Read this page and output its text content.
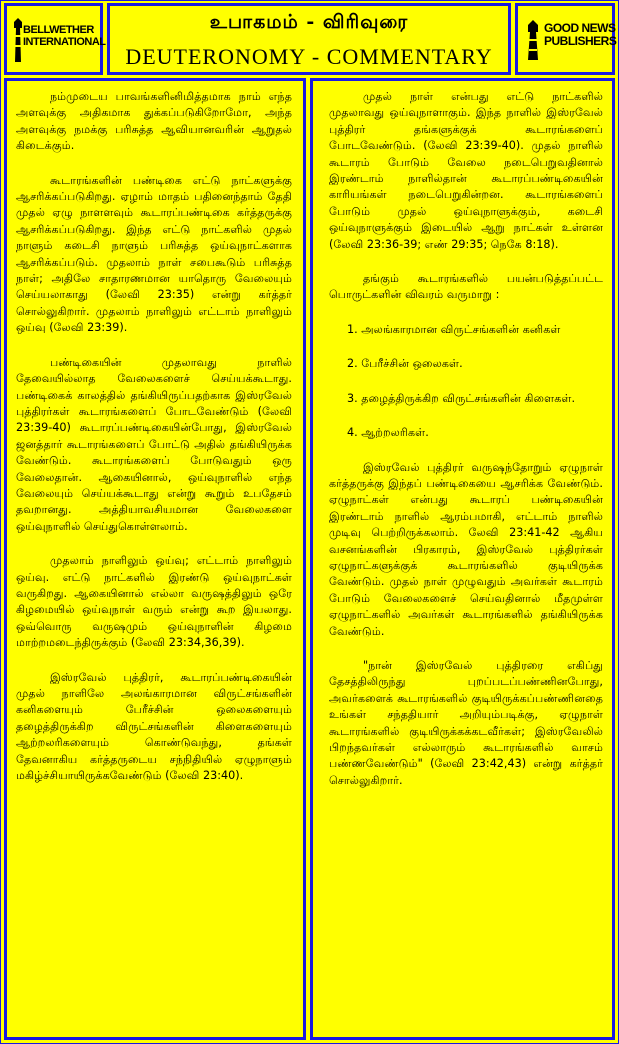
BELLWETHER
INTERNATIONAL
உபாகமம் - விரிவுரை
DEUTERONOMY - COMMENTARY
GOOD NEWS
PUBLISHERS

நம்முடைய பாவங்களினிமித்தமாக நாம் எந்த அளவுக்கு அதிகமாக துக்கப்படுகிறோமோ, அந்த அளவுக்கு நமக்கு பரிசுத்த ஆவியானவரின் ஆறுதல் கிடைக்கும்.

கூடாரங்களின் பண்டிகை எட்டு நாட்களுக்கு ஆசரிக்கப்படுகிறது. ஏழாம் மாதம் பதினைந்தாம் தேதி முதல் ஏழு நாளளவும் கூடாரப்பண்டிகை கர்த்தருக்கு ஆசரிக்கப்படுகிறது. இந்த எட்டு நாட்களில் முதல் நாளும் கடைசி நாளும் பரிசுத்த ஒய்வுநாட்களாக ஆசரிக்கப்படும். முதலாம் நாள் சபைகூடும் பரிசுத்த நாள்; அதிலே சாதாரணமான யாதொரு வேலையும் செய்யலாகாது (லேவி 23:35) என்று கர்த்தர் சொல்லுகிறார். முதலாம் நாளிலும் எட்டாம் நாளிலும் ஒய்வு (லேவி 23:39).

பண்டிகையின் முதலாவது நாளில் தேவையில்லாத வேலைகளைச் செய்யக்கூடாது. பண்டிகைக் காலத்தில் தங்கியிருப்பதற்காக இஸ்ரவேல் புத்திரர்கள் கூடாரங்களைப் போடவேண்டும் (லேவி 23:39-40) கூடாரப்பண்டிகையின்போது, இஸ்ரவேல் ஜனத்தார் கூடாரங்களைப் போட்டு அதில் தங்கியிருக்க வேண்டும். கூடாரங்களைப் போடுவதும் ஒரு வேலைதான். ஆகையினால், ஒய்வுநாளில் எந்த வேலையும் செய்யக்கூடாது என்று கூறும் உபதேசம் தவறானது. அத்தியாவசியமான வேலைகளை ஒய்வுநாளில் செய்துகொள்ளலாம்.

முதலாம் நாளிலும் ஒய்வு; எட்டாம் நாளிலும் ஒய்வு. எட்டு நாட்களில் இரண்டு ஒய்வுநாட்கள் வருகிறது. ஆகையினால் எல்லா வருஷத்திலும் ஒரே கிழமையில் ஒய்வுநாள் வரும் என்று கூற இயலாது. ஒவ்வொரு வருஷமும் ஒய்வுநாளின் கிழமை மாற்றமடைந்திருக்கும் (லேவி 23:34,36,39).

இஸ்ரவேல் புத்திரர், கூடாரப்பண்டிகையின் முதல் நாளிலே அலங்காரமான விருட்சங்களின் கனிகளையும் பேரீச்சின் ஒலைகளையும் தழைத்திருக்கிற விருட்சங்களின் கிளைகளையும் ஆற்றலரிகளையும் கொண்டுவந்து, தங்கள் தேவனாகிய கர்த்தருடைய சந்நிதியில் ஏழுநாளும் மகிழ்ச்சியாயிருக்கவேண்டும் (லேவி 23:40).

முதல் நாள் என்பது எட்டு நாட்களில் முதலாவது ஒய்வுநாளாகும். இந்த நாளில் இஸ்ரவேல் புத்திரர் தங்களுக்குக் கூடாரங்களைப் போடவேண்டும். (லேவி 23:39-40). முதல் நாளில் கூடாரம் போடும் வேலை நடைபெறுவதினால் இரண்டாம் நாளில்தான் கூடாரப்பண்டிகையின் காரியங்கள் நடைபெறுகின்றன. கூடாரங்களைப் போடும் முதல் ஒய்வுநாளுக்கும், கடைசி ஒய்வுநாளுக்கும் இடையில் ஆறு நாட்கள் உள்ளன (லேவி 23:36-39; எண் 29:35; நெகே 8:18).

தங்கும் கூடாரங்களில் பயன்படுத்தப்பட்ட பொருட்களின் விவரம் வருமாறு :

1. அலங்காரமான விருட்சங்களின் கனிகள்
2. பேரீச்சின் ஒலைகள்.
3. தழைத்திருக்கிற விருட்சங்களின் கிளைகள்.
4. ஆற்றலரிகள்.

இஸ்ரவேல் புத்திரர் வருஷந்தோறும் ஏழுநாள் கர்த்தருக்கு இந்தப் பண்டிகையை ஆசரிக்க வேண்டும். ஏழுநாட்கள் என்பது கூடாரப் பண்டிகையின் இரண்டாம் நாளில் ஆரம்பமாகி, எட்டாம் நாளில் முடிவு பெற்றிருக்கலாம். லேவி 23:41-42 ஆகிய வசனங்களின் பிரகாரம், இஸ்ரவேல் புத்திரர்கள் ஏழுநாட்களுக்குக் கூடாரங்களில் குடியிருக்க வேண்டும். முதல் நாள் முழுவதும் அவர்கள் கூடாரம் போடும் வேலைகளைச் செய்வதினால் மீதமுள்ள ஏழுநாட்களில் அவர்கள் கூடாரங்களில் தங்கியிருக்க வேண்டும்.

"நான் இஸ்ரவேல் புத்திரரை எகிப்து தேசத்திலிருந்து புறப்படப்பண்ணினபோது, அவர்களைக் கூடாரங்களில் குடியிருக்கப்பண்ணினதை உங்கள் சந்ததியார் அறியும்படிக்கு, ஏழுநாள் கூடாரங்களில் குடியிருக்கக்கடவீர்கள்; இஸ்ரவேலில் பிறந்தவர்கள் எல்லாரும் கூடாரங்களில் வாசம் பண்ணவேண்டும்" (லேவி 23:42,43) என்று கர்த்தர் சொல்லுகிறார்.
